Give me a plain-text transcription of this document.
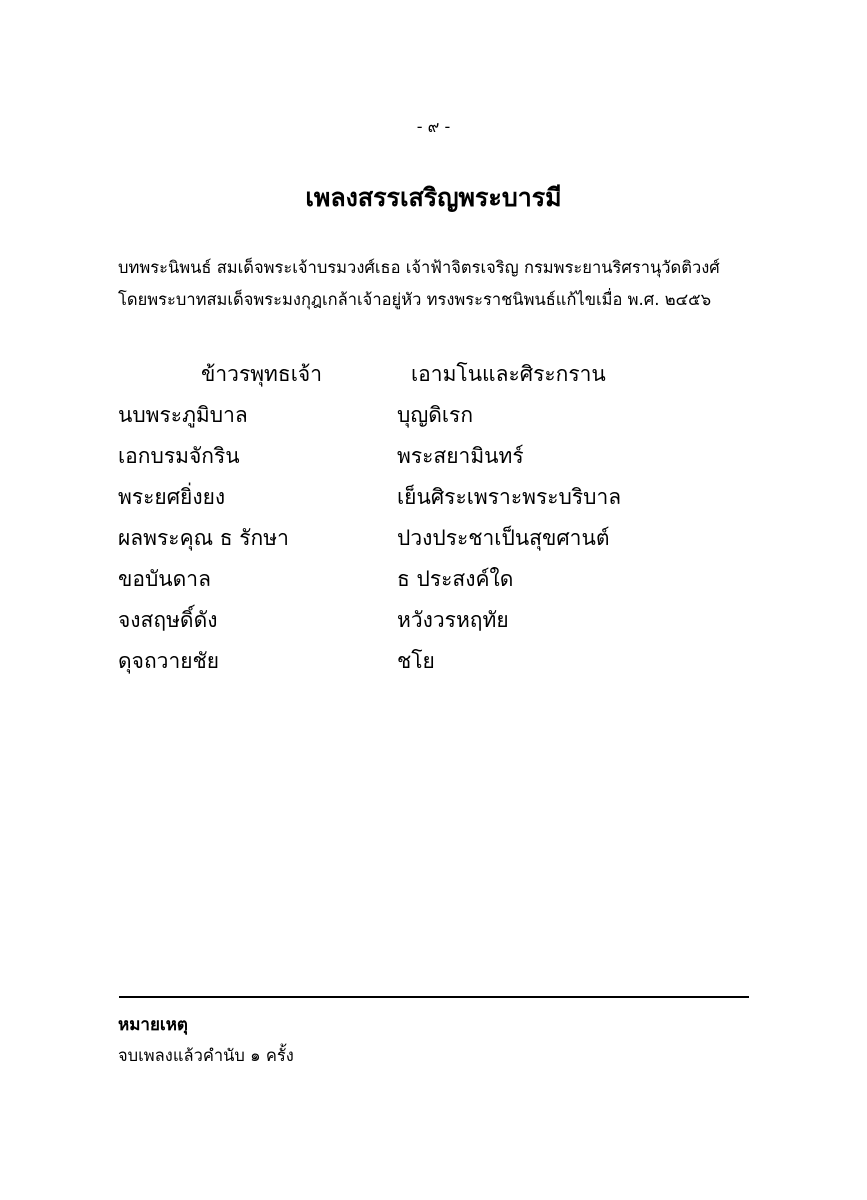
- ๙ -
เพลงสรรเสริญพระบารมี
บทพระนิพนธ์ สมเด็จพระเจ้าบรมวงศ์เธอ เจ้าฟ้าจิตรเจริญ กรมพระยานริศรานุวัดติวงศ์
โดยพระบาทสมเด็จพระมงกุฎเกล้าเจ้าอยู่หัว ทรงพระราชนิพนธ์แก้ไขเมื่อ พ.ศ. ๒๔๕๖
ข้าวรพุทธเจ้า	เอามโนและศิระกราน
นบพระภูมิบาล	บุญดิเรก
เอกบรมจักริน	พระสยามินทร์
พระยศยิ่งยง	เย็นศิระเพราะพระบริบาล
ผลพระคุณ ธ รักษา	ปวงประชาเป็นสุขศานต์
ขอบันดาล	ธ ประสงค์ใด
จงสฤษดิ์ดัง	หวังวรหฤทัย
ดุจถวายชัย	ชโย
หมายเหตุ
จบเพลงแล้วคำนับ ๑ ครั้ง
